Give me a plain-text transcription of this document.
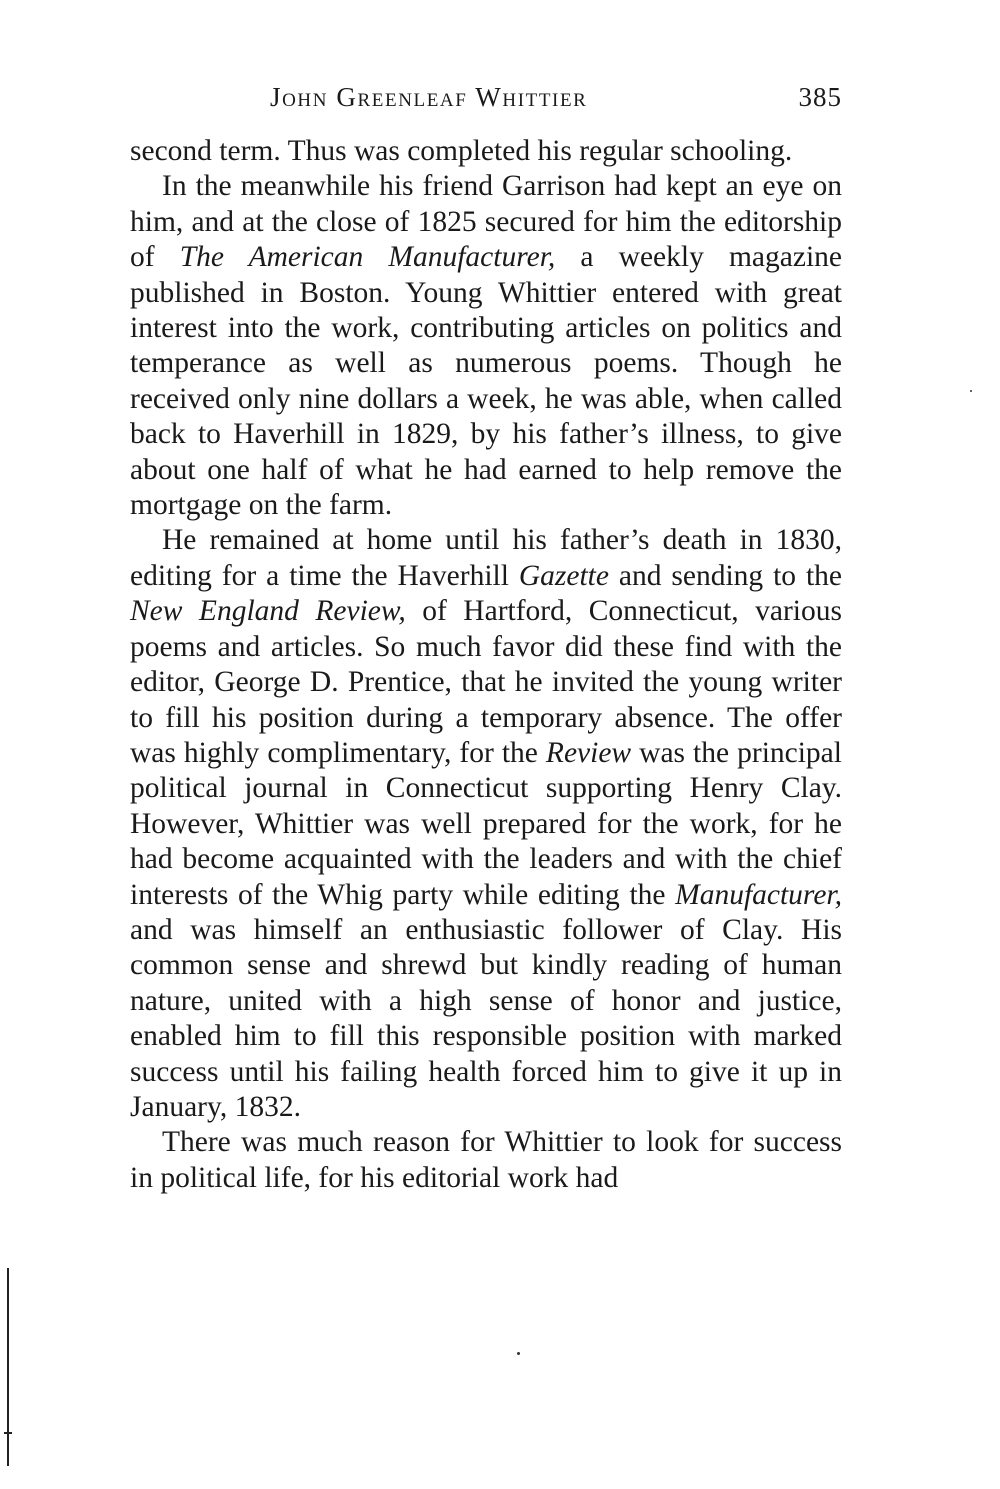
John Greenleaf Whittier	385

second term. Thus was completed his regular schooling.

In the meanwhile his friend Garrison had kept an eye on him, and at the close of 1825 secured for him the editorship of The American Manufacturer, a weekly magazine published in Boston. Young Whittier entered with great interest into the work, contributing articles on politics and temperance as well as numerous poems. Though he received only nine dollars a week, he was able, when called back to Haverhill in 1829, by his father’s illness, to give about one half of what he had earned to help remove the mortgage on the farm.

He remained at home until his father’s death in 1830, editing for a time the Haverhill Gazette and sending to the New England Review, of Hartford, Connecticut, various poems and articles. So much favor did these find with the editor, George D. Prentice, that he invited the young writer to fill his position during a temporary absence. The offer was highly complimentary, for the Review was the principal political journal in Connecticut supporting Henry Clay. However, Whittier was well prepared for the work, for he had become acquainted with the leaders and with the chief interests of the Whig party while editing the Manufacturer, and was himself an enthusiastic follower of Clay. His common sense and shrewd but kindly reading of human nature, united with a high sense of honor and justice, enabled him to fill this responsible position with marked success until his failing health forced him to give it up in January, 1832.

There was much reason for Whittier to look for success in political life, for his editorial work had
